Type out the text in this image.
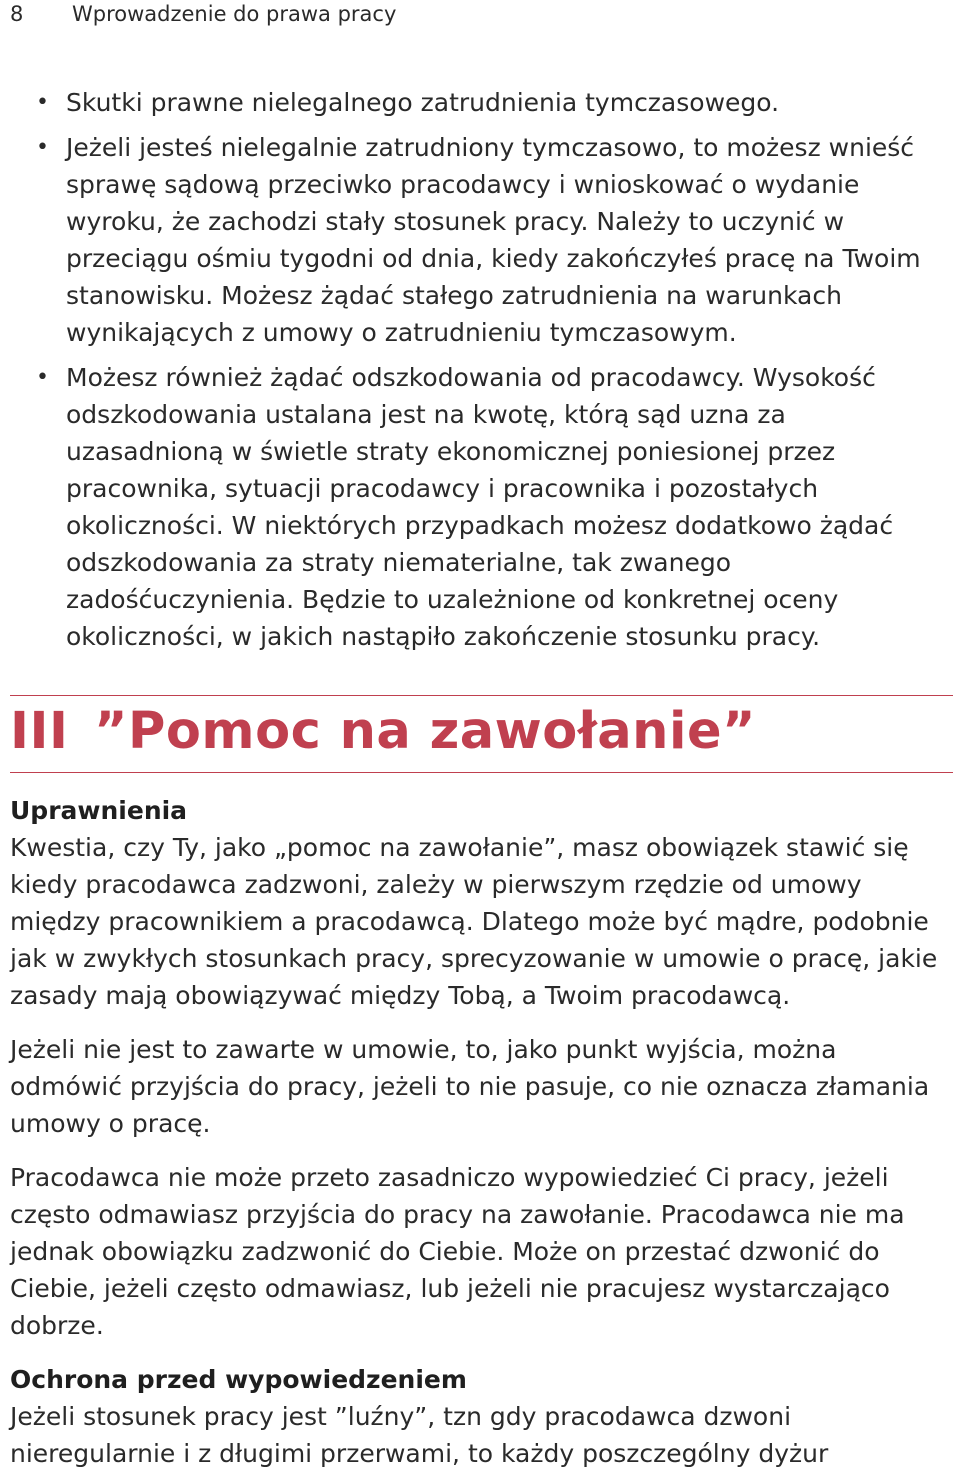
8 Wprowadzenie do prawa pracy
• Skutki prawne nielegalnego zatrudnienia tymczasowego.
• Jeżeli jesteś nielegalnie zatrudniony tymczasowo, to możesz wnieść sprawę sądową przeciwko pracodawcy i wnioskować o wydanie wyroku, że zachodzi stały stosunek pracy. Należy to uczynić w przeciągu ośmiu tygodni od dnia, kiedy zakończyłeś pracę na Twoim stanowisku. Możesz żądać stałego zatrudnienia na warunkach wynikających z umowy o zatrudnieniu tymczasowym.
• Możesz również żądać odszkodowania od pracodawcy. Wysokość odszkodowania ustalana jest na kwotę, którą sąd uzna za uzasadnioną w świetle straty ekonomicznej poniesionej przez pracownika, sytuacji pracodawcy i pracownika i pozostałych okoliczności. W niektórych przypadkach możesz dodatkowo żądać odszkodowania za straty niematerialne, tak zwanego zadośćuczynienia. Będzie to uzależnione od konkretnej oceny okoliczności, w jakich nastąpiło zakończenie stosunku pracy.
III ”Pomoc na zawołanie”

Uprawnienia

Kwestia, czy Ty, jako „pomoc na zawołanie”, masz obowiązek stawić się kiedy pracodawca zadzwoni, zależy w pierwszym rzędzie od umowy między pracownikiem a pracodawcą. Dlatego może być mądre, podobnie jak w zwykłych stosunkach pracy, sprecyzowanie w umowie o pracę, jakie zasady mają obowiązywać między Tobą, a Twoim pracodawcą.

Jeżeli nie jest to zawarte w umowie, to, jako punkt wyjścia, można odmówić przyjścia do pracy, jeżeli to nie pasuje, co nie oznacza złamania umowy o pracę.

Pracodawca nie może przeto zasadniczo wypowiedzieć Ci pracy, jeżeli często odmawiasz przyjścia do pracy na zawołanie. Pracodawca nie ma jednak obowiązku zadzwonić do Ciebie. Może on przestać dzwonić do Ciebie, jeżeli często odmawiasz, lub jeżeli nie pracujesz wystarczająco dobrze.

Ochrona przed wypowiedzeniem

Jeżeli stosunek pracy jest ”luźny”, tzn gdy pracodawca dzwoni nieregularnie i z długimi przerwami, to każdy poszczególny dyżur
